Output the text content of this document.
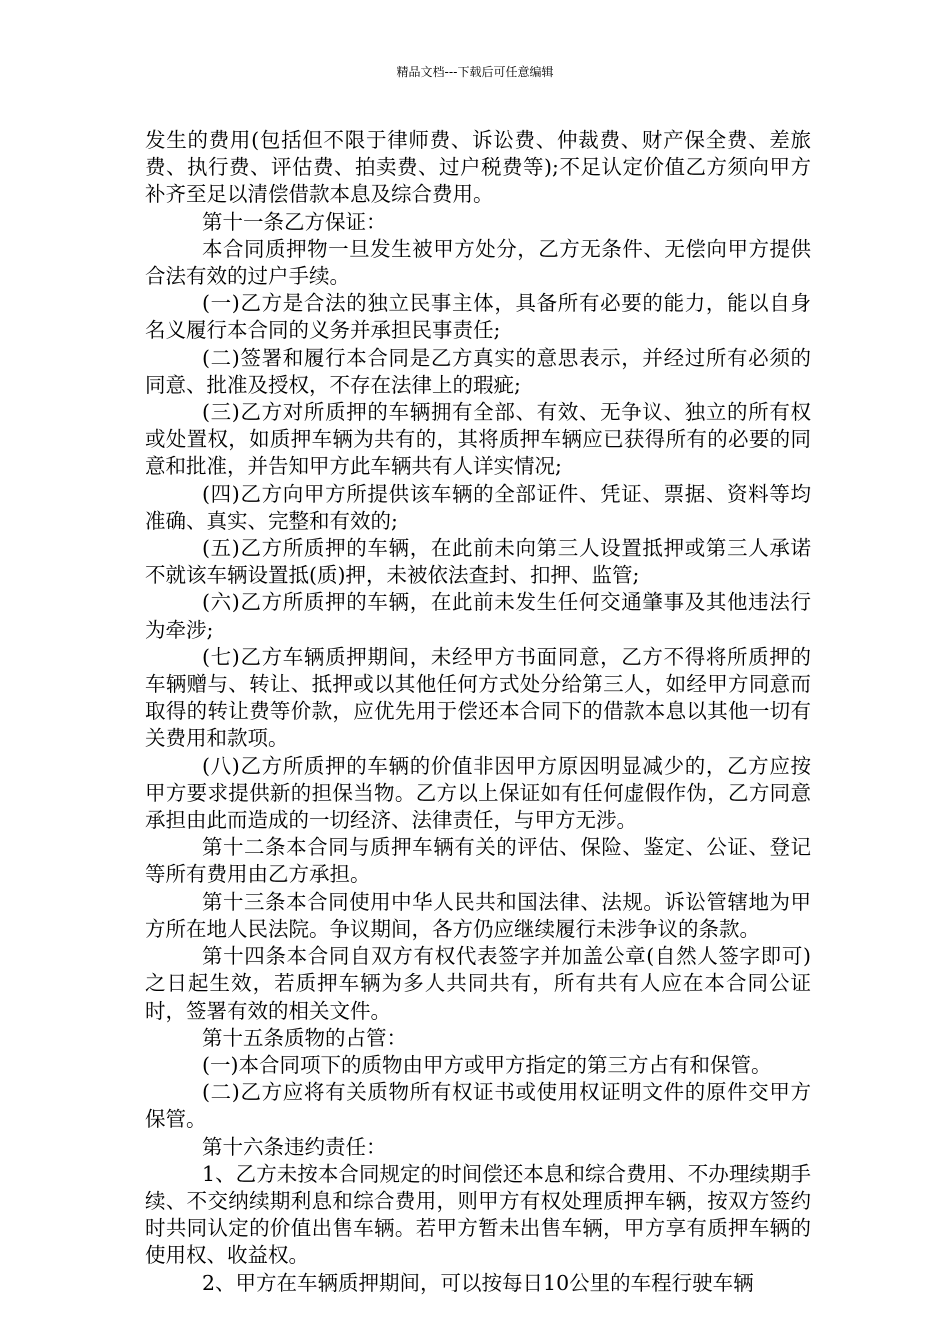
精品文档---下载后可任意编辑

发生的费用(包括但不限于律师费、诉讼费、仲裁费、财产保全费、差旅费、执行费、评估费、拍卖费、过户税费等);不足认定价值乙方须向甲方补齐至足以清偿借款本息及综合费用。

第十一条乙方保证：

本合同质押物一旦发生被甲方处分，乙方无条件、无偿向甲方提供合法有效的过户手续。

(一)乙方是合法的独立民事主体，具备所有必要的能力，能以自身名义履行本合同的义务并承担民事责任;

(二)签署和履行本合同是乙方真实的意思表示，并经过所有必须的同意、批准及授权，不存在法律上的瑕疵;

(三)乙方对所质押的车辆拥有全部、有效、无争议、独立的所有权或处置权，如质押车辆为共有的，其将质押车辆应已获得所有的必要的同意和批准，并告知甲方此车辆共有人详实情况;

(四)乙方向甲方所提供该车辆的全部证件、凭证、票据、资料等均准确、真实、完整和有效的;

(五)乙方所质押的车辆，在此前未向第三人设置抵押或第三人承诺不就该车辆设置抵(质)押，未被依法查封、扣押、监管;

(六)乙方所质押的车辆，在此前未发生任何交通肇事及其他违法行为牵涉;

(七)乙方车辆质押期间，未经甲方书面同意，乙方不得将所质押的车辆赠与、转让、抵押或以其他任何方式处分给第三人，如经甲方同意而取得的转让费等价款，应优先用于偿还本合同下的借款本息以其他一切有关费用和款项。

(八)乙方所质押的车辆的价值非因甲方原因明显减少的，乙方应按甲方要求提供新的担保当物。乙方以上保证如有任何虚假作伪，乙方同意承担由此而造成的一切经济、法律责任，与甲方无涉。

第十二条本合同与质押车辆有关的评估、保险、鉴定、公证、登记等所有费用由乙方承担。

第十三条本合同使用中华人民共和国法律、法规。诉讼管辖地为甲方所在地人民法院。争议期间，各方仍应继续履行未涉争议的条款。

第十四条本合同自双方有权代表签字并加盖公章(自然人签字即可)之日起生效，若质押车辆为多人共同共有，所有共有人应在本合同公证时，签署有效的相关文件。

第十五条质物的占管：

(一)本合同项下的质物由甲方或甲方指定的第三方占有和保管。

(二)乙方应将有关质物所有权证书或使用权证明文件的原件交甲方保管。

第十六条违约责任：

1、乙方未按本合同规定的时间偿还本息和综合费用、不办理续期手续、不交纳续期利息和综合费用，则甲方有权处理质押车辆，按双方签约时共同认定的价值出售车辆。若甲方暂未出售车辆，甲方享有质押车辆的使用权、收益权。

2、甲方在车辆质押期间，可以按每日10公里的车程行驶车辆
